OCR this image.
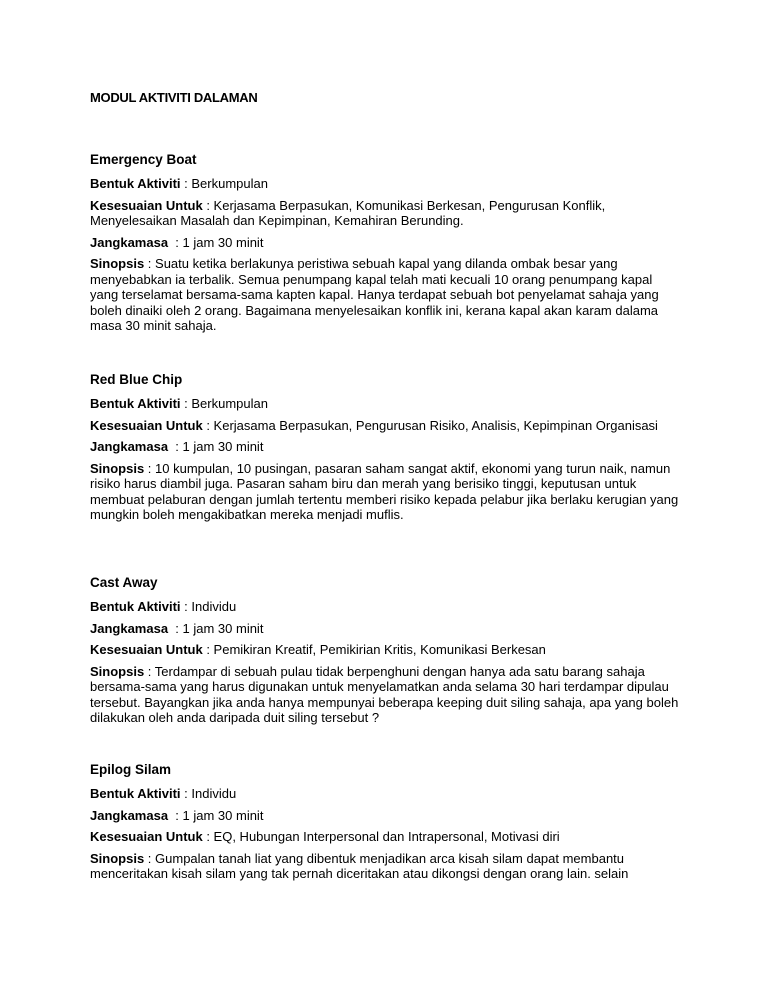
MODUL AKTIVITI DALAMAN
Emergency Boat
Bentuk Aktiviti : Berkumpulan
Kesesuaian Untuk : Kerjasama Berpasukan, Komunikasi Berkesan, Pengurusan Konflik, Menyelesaikan Masalah dan Kepimpinan, Kemahiran Berunding.
Jangkamasa  : 1 jam 30 minit
Sinopsis : Suatu ketika berlakunya peristiwa sebuah kapal yang dilanda ombak besar yang menyebabkan ia terbalik. Semua penumpang kapal telah mati kecuali 10 orang penumpang kapal yang terselamat bersama-sama kapten kapal. Hanya terdapat sebuah bot penyelamat sahaja yang boleh dinaiki oleh 2 orang. Bagaimana menyelesaikan konflik ini, kerana kapal akan karam dalama masa 30 minit sahaja.
Red Blue Chip
Bentuk Aktiviti : Berkumpulan
Kesesuaian Untuk : Kerjasama Berpasukan, Pengurusan Risiko, Analisis, Kepimpinan Organisasi
Jangkamasa  : 1 jam 30 minit
Sinopsis : 10 kumpulan, 10 pusingan, pasaran saham sangat aktif, ekonomi yang turun naik, namun risiko harus diambil juga. Pasaran saham biru dan merah yang berisiko tinggi, keputusan untuk membuat pelaburan dengan jumlah tertentu memberi risiko kepada pelabur jika berlaku kerugian yang mungkin boleh mengakibatkan mereka menjadi muflis.
Cast Away
Bentuk Aktiviti : Individu
Jangkamasa  : 1 jam 30 minit
Kesesuaian Untuk : Pemikiran Kreatif, Pemikirian Kritis, Komunikasi Berkesan
Sinopsis : Terdampar di sebuah pulau tidak berpenghuni dengan hanya ada satu barang sahaja bersama-sama yang harus digunakan untuk menyelamatkan anda selama 30 hari terdampar dipulau tersebut. Bayangkan jika anda hanya mempunyai beberapa keeping duit siling sahaja, apa yang boleh dilakukan oleh anda daripada duit siling tersebut ?
Epilog Silam
Bentuk Aktiviti : Individu
Jangkamasa  : 1 jam 30 minit
Kesesuaian Untuk : EQ, Hubungan Interpersonal dan Intrapersonal, Motivasi diri
Sinopsis : Gumpalan tanah liat yang dibentuk menjadikan arca kisah silam dapat membantu menceritakan kisah silam yang tak pernah diceritakan atau dikongsi dengan orang lain. selain
